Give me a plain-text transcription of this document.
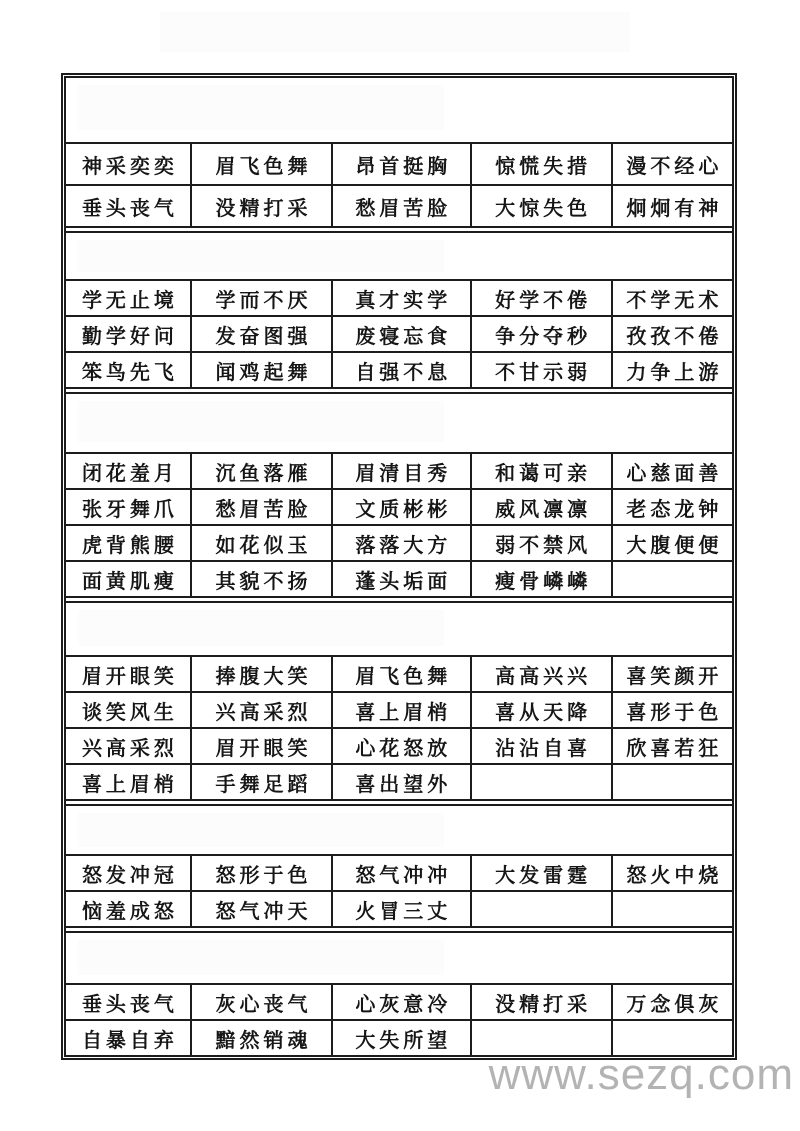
神采奕奕	眉飞色舞	昂首挺胸	惊慌失措	漫不经心
垂头丧气	没精打采	愁眉苦脸	大惊失色	炯炯有神
学无止境	学而不厌	真才实学	好学不倦	不学无术
勤学好问	发奋图强	废寝忘食	争分夺秒	孜孜不倦
笨鸟先飞	闻鸡起舞	自强不息	不甘示弱	力争上游
闭花羞月	沉鱼落雁	眉清目秀	和蔼可亲	心慈面善
张牙舞爪	愁眉苦脸	文质彬彬	威风凛凛	老态龙钟
虎背熊腰	如花似玉	落落大方	弱不禁风	大腹便便
面黄肌瘦	其貌不扬	蓬头垢面	瘦骨嶙嶙
眉开眼笑	捧腹大笑	眉飞色舞	高高兴兴	喜笑颜开
谈笑风生	兴高采烈	喜上眉梢	喜从天降	喜形于色
兴高采烈	眉开眼笑	心花怒放	沾沾自喜	欣喜若狂
喜上眉梢	手舞足蹈	喜出望外
怒发冲冠	怒形于色	怒气冲冲	大发雷霆	怒火中烧
恼羞成怒	怒气冲天	火冒三丈
垂头丧气	灰心丧气	心灰意冷	没精打采	万念俱灰
自暴自弃	黯然销魂	大失所望
www.sezq.com
